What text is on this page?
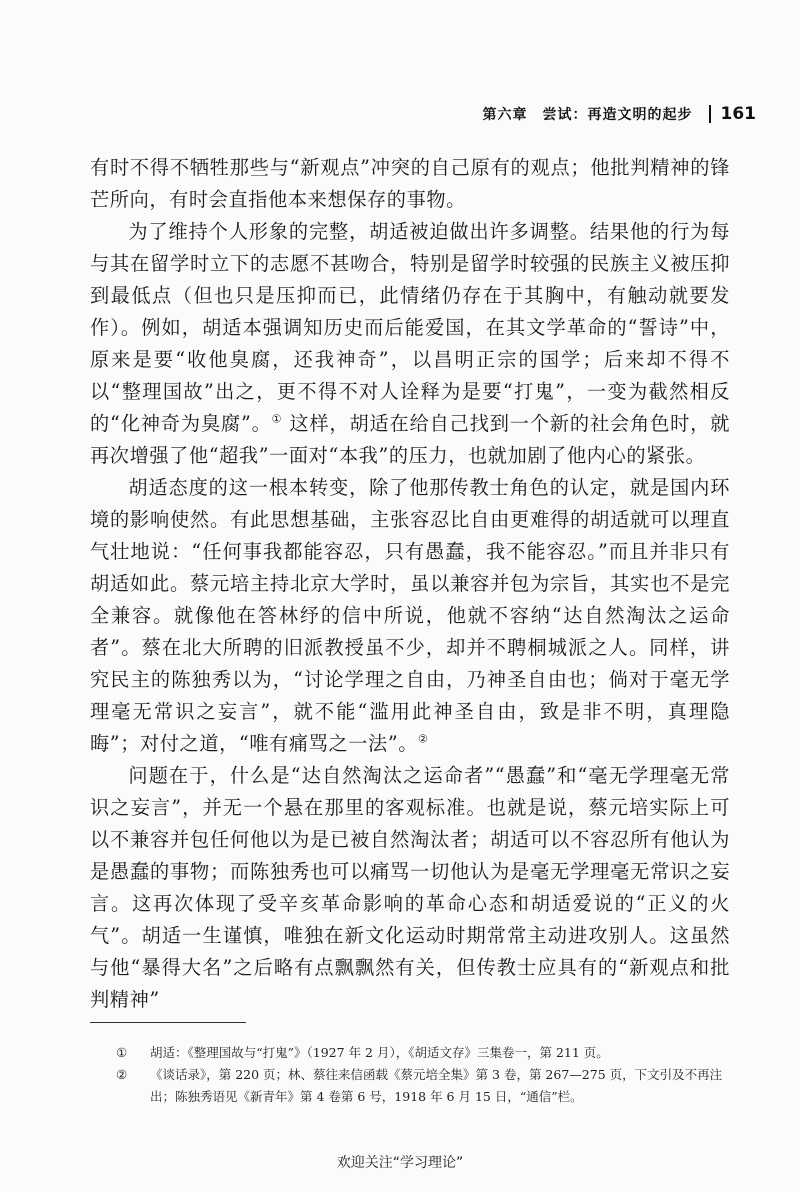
第六章　尝试：再造文明的起步 161

有时不得不牺牲那些与“新观点”冲突的自己原有的观点；他批判精神的锋芒所向，有时会直指他本来想保存的事物。

为了维持个人形象的完整，胡适被迫做出许多调整。结果他的行为每与其在留学时立下的志愿不甚吻合，特别是留学时较强的民族主义被压抑到最低点（但也只是压抑而已，此情绪仍存在于其胸中，有触动就要发作）。例如，胡适本强调知历史而后能爱国，在其文学革命的“誓诗”中，原来是要“收他臭腐，还我神奇”，以昌明正宗的国学；后来却不得不以“整理国故”出之，更不得不对人诠释为是要“打鬼”，一变为截然相反的“化神奇为臭腐”。① 这样，胡适在给自己找到一个新的社会角色时，就再次增强了他“超我”一面对“本我”的压力，也就加剧了他内心的紧张。

胡适态度的这一根本转变，除了他那传教士角色的认定，就是国内环境的影响使然。有此思想基础，主张容忍比自由更难得的胡适就可以理直气壮地说：“任何事我都能容忍，只有愚蠢，我不能容忍。”而且并非只有胡适如此。蔡元培主持北京大学时，虽以兼容并包为宗旨，其实也不是完全兼容。就像他在答林纾的信中所说，他就不容纳“达自然淘汰之运命者”。蔡在北大所聘的旧派教授虽不少，却并不聘桐城派之人。同样，讲究民主的陈独秀以为，“讨论学理之自由，乃神圣自由也；倘对于毫无学理毫无常识之妄言”，就不能“滥用此神圣自由，致是非不明，真理隐晦”；对付之道，“唯有痛骂之一法”。②

问题在于，什么是“达自然淘汰之运命者”“愚蠢”和“毫无学理毫无常识之妄言”，并无一个悬在那里的客观标准。也就是说，蔡元培实际上可以不兼容并包任何他以为是已被自然淘汰者；胡适可以不容忍所有他认为是愚蠢的事物；而陈独秀也可以痛骂一切他认为是毫无学理毫无常识之妄言。这再次体现了受辛亥革命影响的革命心态和胡适爱说的“正义的火气”。胡适一生谨慎，唯独在新文化运动时期常常主动进攻别人。这虽然与他“暴得大名”之后略有点飘飘然有关，但传教士应具有的“新观点和批判精神”

①	胡适：《整理国故与“打鬼”》（1927 年 2 月），《胡适文存》三集卷一，第 211 页。
②	《谈话录》，第 220 页；林、蔡往来信函载《蔡元培全集》第 3 卷，第 267—275 页，下文引及不再注出；陈独秀语见《新青年》第 4 卷第 6 号，1918 年 6 月 15 日，“通信”栏。
欢迎关注“学习理论”
